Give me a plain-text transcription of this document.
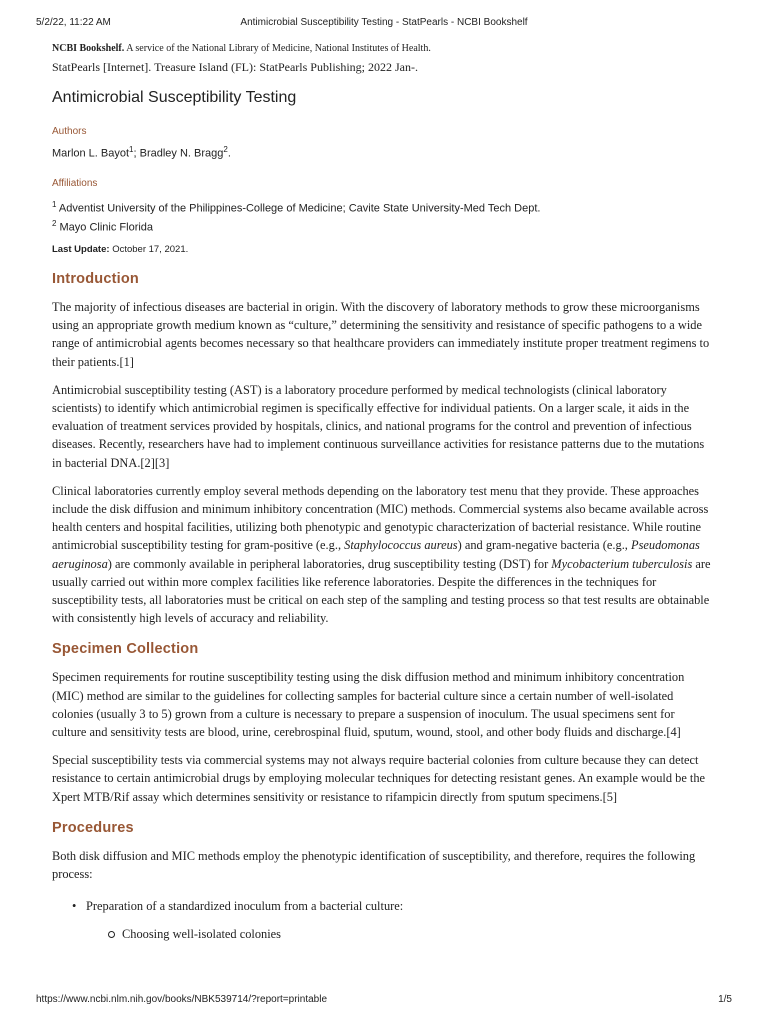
5/2/22, 11:22 AM	Antimicrobial Susceptibility Testing - StatPearls - NCBI Bookshelf
NCBI Bookshelf. A service of the National Library of Medicine, National Institutes of Health.
StatPearls [Internet]. Treasure Island (FL): StatPearls Publishing; 2022 Jan-.
Antimicrobial Susceptibility Testing
Authors
Marlon L. Bayot$^1$; Bradley N. Bragg$^2$.
Affiliations
$^1$ Adventist University of the Philippines-College of Medicine; Cavite State University-Med Tech Dept.
$^2$ Mayo Clinic Florida
Last Update: October 17, 2021.
Introduction

The majority of infectious diseases are bacterial in origin. With the discovery of laboratory methods to grow these microorganisms using an appropriate growth medium known as “culture,” determining the sensitivity and resistance of specific pathogens to a wide range of antimicrobial agents becomes necessary so that healthcare providers can immediately institute proper treatment regimens to their patients.[1]

Antimicrobial susceptibility testing (AST) is a laboratory procedure performed by medical technologists (clinical laboratory scientists) to identify which antimicrobial regimen is specifically effective for individual patients. On a larger scale, it aids in the evaluation of treatment services provided by hospitals, clinics, and national programs for the control and prevention of infectious diseases. Recently, researchers have had to implement continuous surveillance activities for resistance patterns due to the mutations in bacterial DNA.[2][3]

Clinical laboratories currently employ several methods depending on the laboratory test menu that they provide. These approaches include the disk diffusion and minimum inhibitory concentration (MIC) methods. Commercial systems also became available across health centers and hospital facilities, utilizing both phenotypic and genotypic characterization of bacterial resistance. While routine antimicrobial susceptibility testing for gram-positive (e.g., Staphylococcus aureus) and gram-negative bacteria (e.g., Pseudomonas aeruginosa) are commonly available in peripheral laboratories, drug susceptibility testing (DST) for Mycobacterium tuberculosis are usually carried out within more complex facilities like reference laboratories. Despite the differences in the techniques for susceptibility tests, all laboratories must be critical on each step of the sampling and testing process so that test results are obtainable with consistently high levels of accuracy and reliability.

Specimen Collection

Specimen requirements for routine susceptibility testing using the disk diffusion method and minimum inhibitory concentration (MIC) method are similar to the guidelines for collecting samples for bacterial culture since a certain number of well-isolated colonies (usually 3 to 5) grown from a culture is necessary to prepare a suspension of inoculum. The usual specimens sent for culture and sensitivity tests are blood, urine, cerebrospinal fluid, sputum, wound, stool, and other body fluids and discharge.[4]

Special susceptibility tests via commercial systems may not always require bacterial colonies from culture because they can detect resistance to certain antimicrobial drugs by employing molecular techniques for detecting resistant genes. An example would be the Xpert MTB/Rif assay which determines sensitivity or resistance to rifampicin directly from sputum specimens.[5]

Procedures

Both disk diffusion and MIC methods employ the phenotypic identification of susceptibility, and therefore, requires the following process:

• Preparation of a standardized inoculum from a bacterial culture:
Choosing well-isolated colonies
https://www.ncbi.nlm.nih.gov/books/NBK539714/?report=printable	1/5
